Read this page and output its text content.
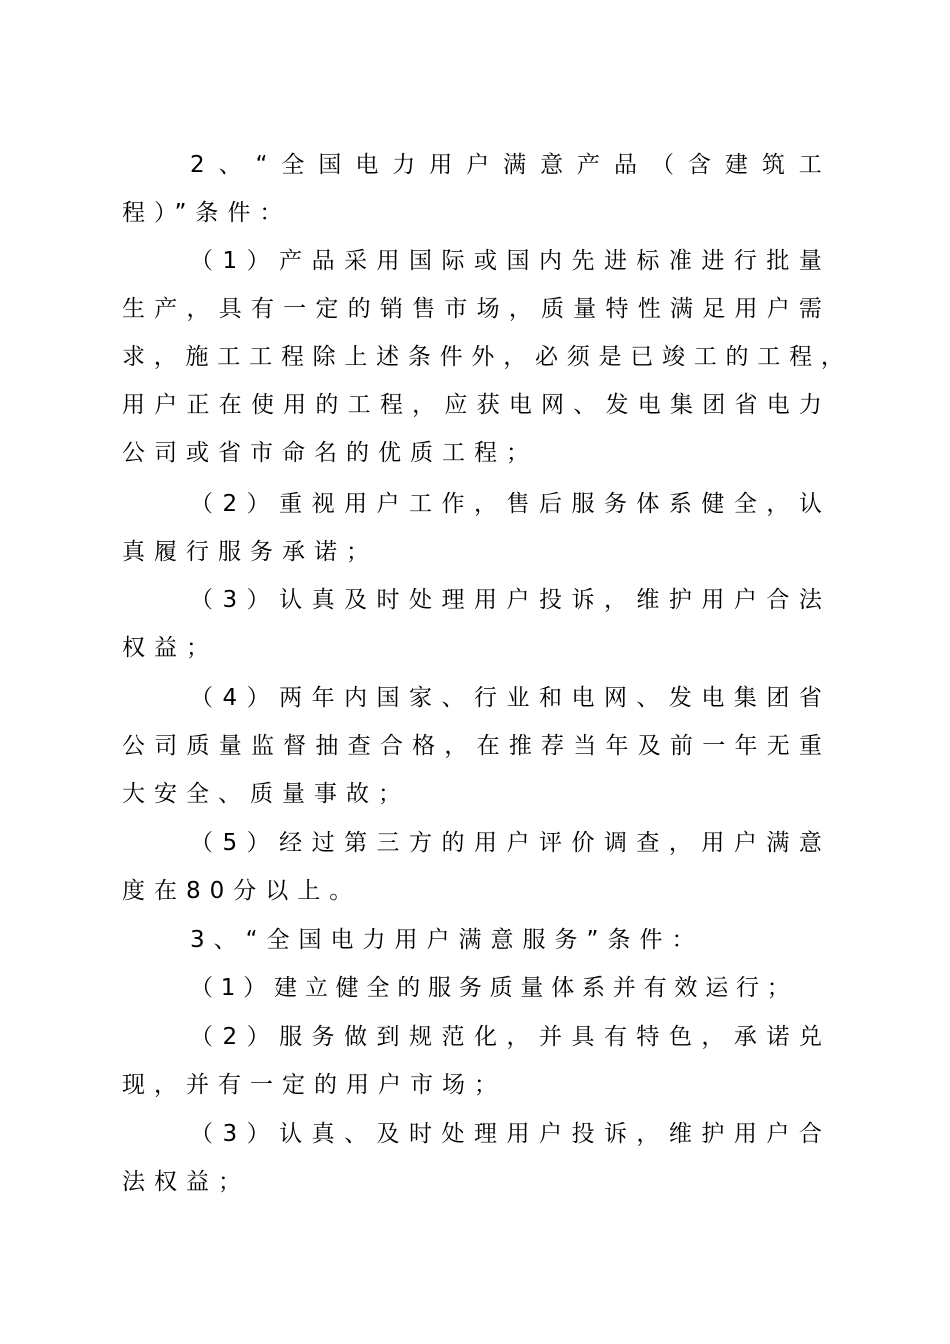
2 、 “ 全 国 电 力 用 户 满 意 产 品 （ 含 建 筑 工
程）”条件：
（ 1 ） 产 品 采 用 国 际 或 国 内 先 进 标 准 进 行 批 量
生 产 ， 具 有 一 定 的 销 售 市 场 ， 质 量 特 性 满 足 用 户 需
求 ， 施 工 工 程 除 上 述 条 件 外 ， 必 须 是 已 竣 工 的 工 程 ，
用 户 正 在 使 用 的 工 程 ， 应 获 电 网 、 发 电 集 团 省 电 力
公司或省市命名的优质工程；
（ 2 ） 重 视 用 户 工 作 ， 售 后 服 务 体 系 健 全 ， 认
真履行服务承诺；
（ 3 ） 认 真 及 时 处 理 用 户 投 诉 ， 维 护 用 户 合 法
权益；
（ 4 ） 两 年 内 国 家 、 行 业 和 电 网 、 发 电 集 团 省
公 司 质 量 监 督 抽 查 合 格 ， 在 推 荐 当 年 及 前 一 年 无 重
大安全、质量事故；
（ 5 ） 经 过 第 三 方 的 用 户 评 价 调 查 ， 用 户 满 意
度在80分以上。
3、“全国电力用户满意服务”条件：
（ 1 ） 建 立 健 全 的 服 务 质 量 体 系 并 有 效 运 行 ；
（ 2 ） 服 务 做 到 规 范 化 ， 并 具 有 特 色 ， 承 诺 兑
现，并有一定的用户市场；
（ 3 ） 认 真 、 及 时 处 理 用 户 投 诉 ， 维 护 用 户 合
法权益；
